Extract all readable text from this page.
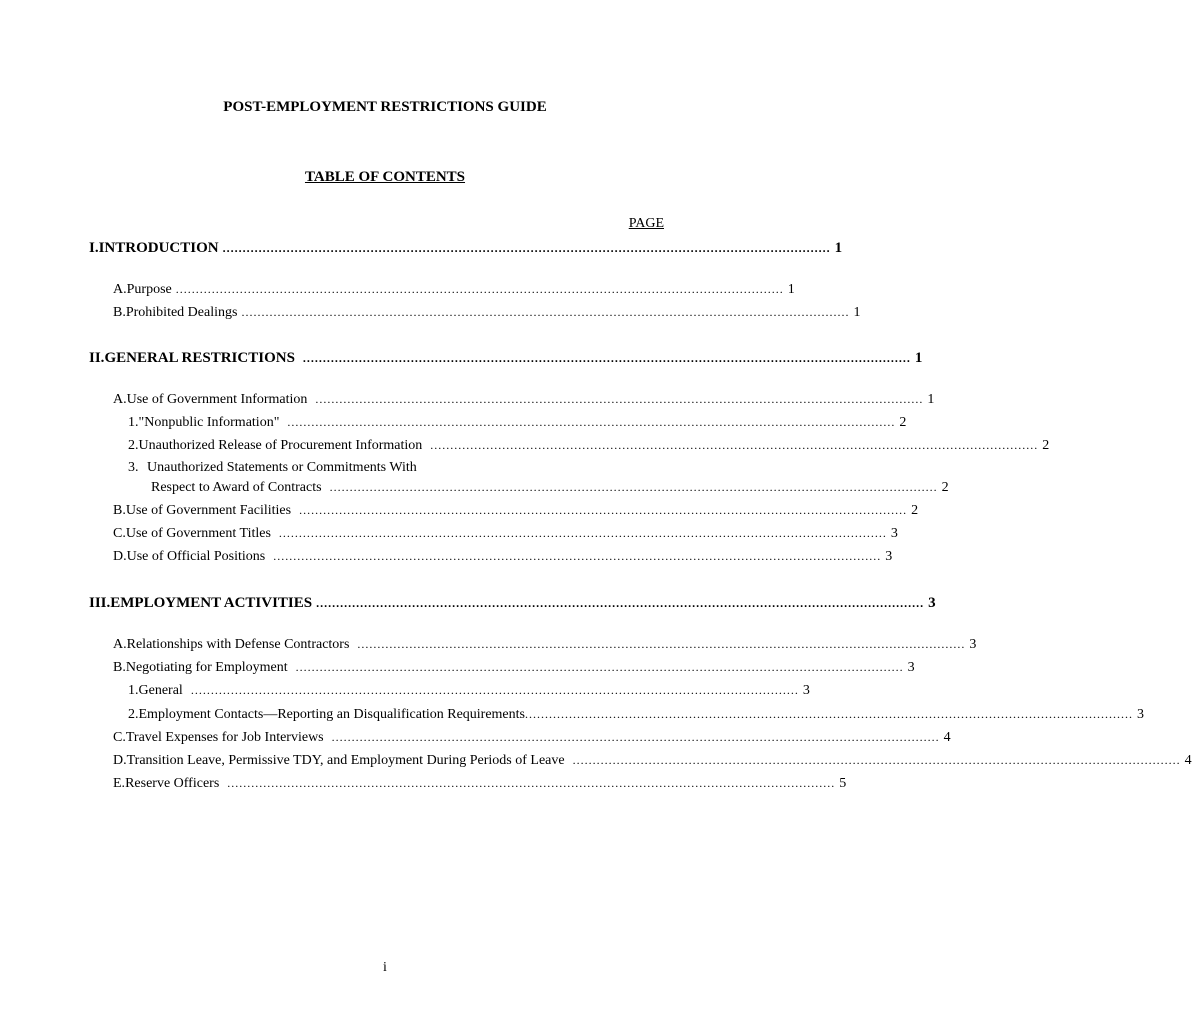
POST-EMPLOYMENT RESTRICTIONS GUIDE
TABLE OF CONTENTS
PAGE
I. INTRODUCTION ........................................................................................................................................................ 1
A. Purpose ........................................................................................................................................................ 1
B. Prohibited Dealings ........................................................................................................................................................ 1
II. GENERAL RESTRICTIONS ........................................................................................................................................................ 1
A. Use of Government Information ........................................................................................................................................................ 1
1. "Nonpublic Information" ........................................................................................................................................................ 2
2. Unauthorized Release of Procurement Information ........................................................................................................................................................ 2
3. Unauthorized Statements or Commitments With
Respect to Award of Contracts ........................................................................................................................................................ 2
B. Use of Government Facilities ........................................................................................................................................................ 2
C. Use of Government Titles ........................................................................................................................................................ 3
D. Use of Official Positions ........................................................................................................................................................ 3
III. EMPLOYMENT ACTIVITIES ........................................................................................................................................................ 3
A. Relationships with Defense Contractors ........................................................................................................................................................ 3
B. Negotiating for Employment ........................................................................................................................................................ 3
1. General ........................................................................................................................................................ 3
2. Employment Contacts—Reporting an Disqualification Requirements ........................................................................................................................................................ 3
C. Travel Expenses for Job Interviews ........................................................................................................................................................ 4
D. Transition Leave, Permissive TDY, and Employment During Periods of Leave ........................................................................................................................................................ 4
E. Reserve Officers ........................................................................................................................................................ 5
i
